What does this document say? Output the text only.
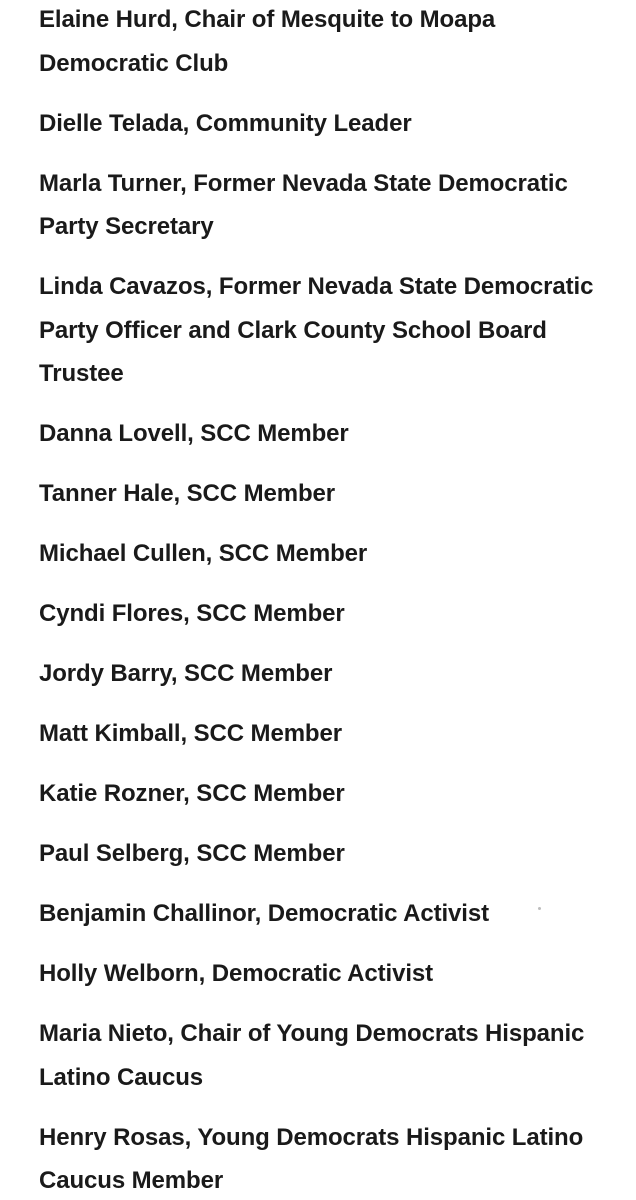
Elaine Hurd, Chair of Mesquite to Moapa Democratic Club

Dielle Telada, Community Leader

Marla Turner, Former Nevada State Democratic Party Secretary

Linda Cavazos, Former Nevada State Democratic Party Officer and Clark County School Board Trustee

Danna Lovell, SCC Member

Tanner Hale, SCC Member

Michael Cullen, SCC Member

Cyndi Flores, SCC Member

Jordy Barry, SCC Member

Matt Kimball, SCC Member

Katie Rozner, SCC Member

Paul Selberg, SCC Member

Benjamin Challinor, Democratic Activist

Holly Welborn, Democratic Activist

Maria Nieto, Chair of Young Democrats Hispanic Latino Caucus

Henry Rosas, Young Democrats Hispanic Latino Caucus Member
